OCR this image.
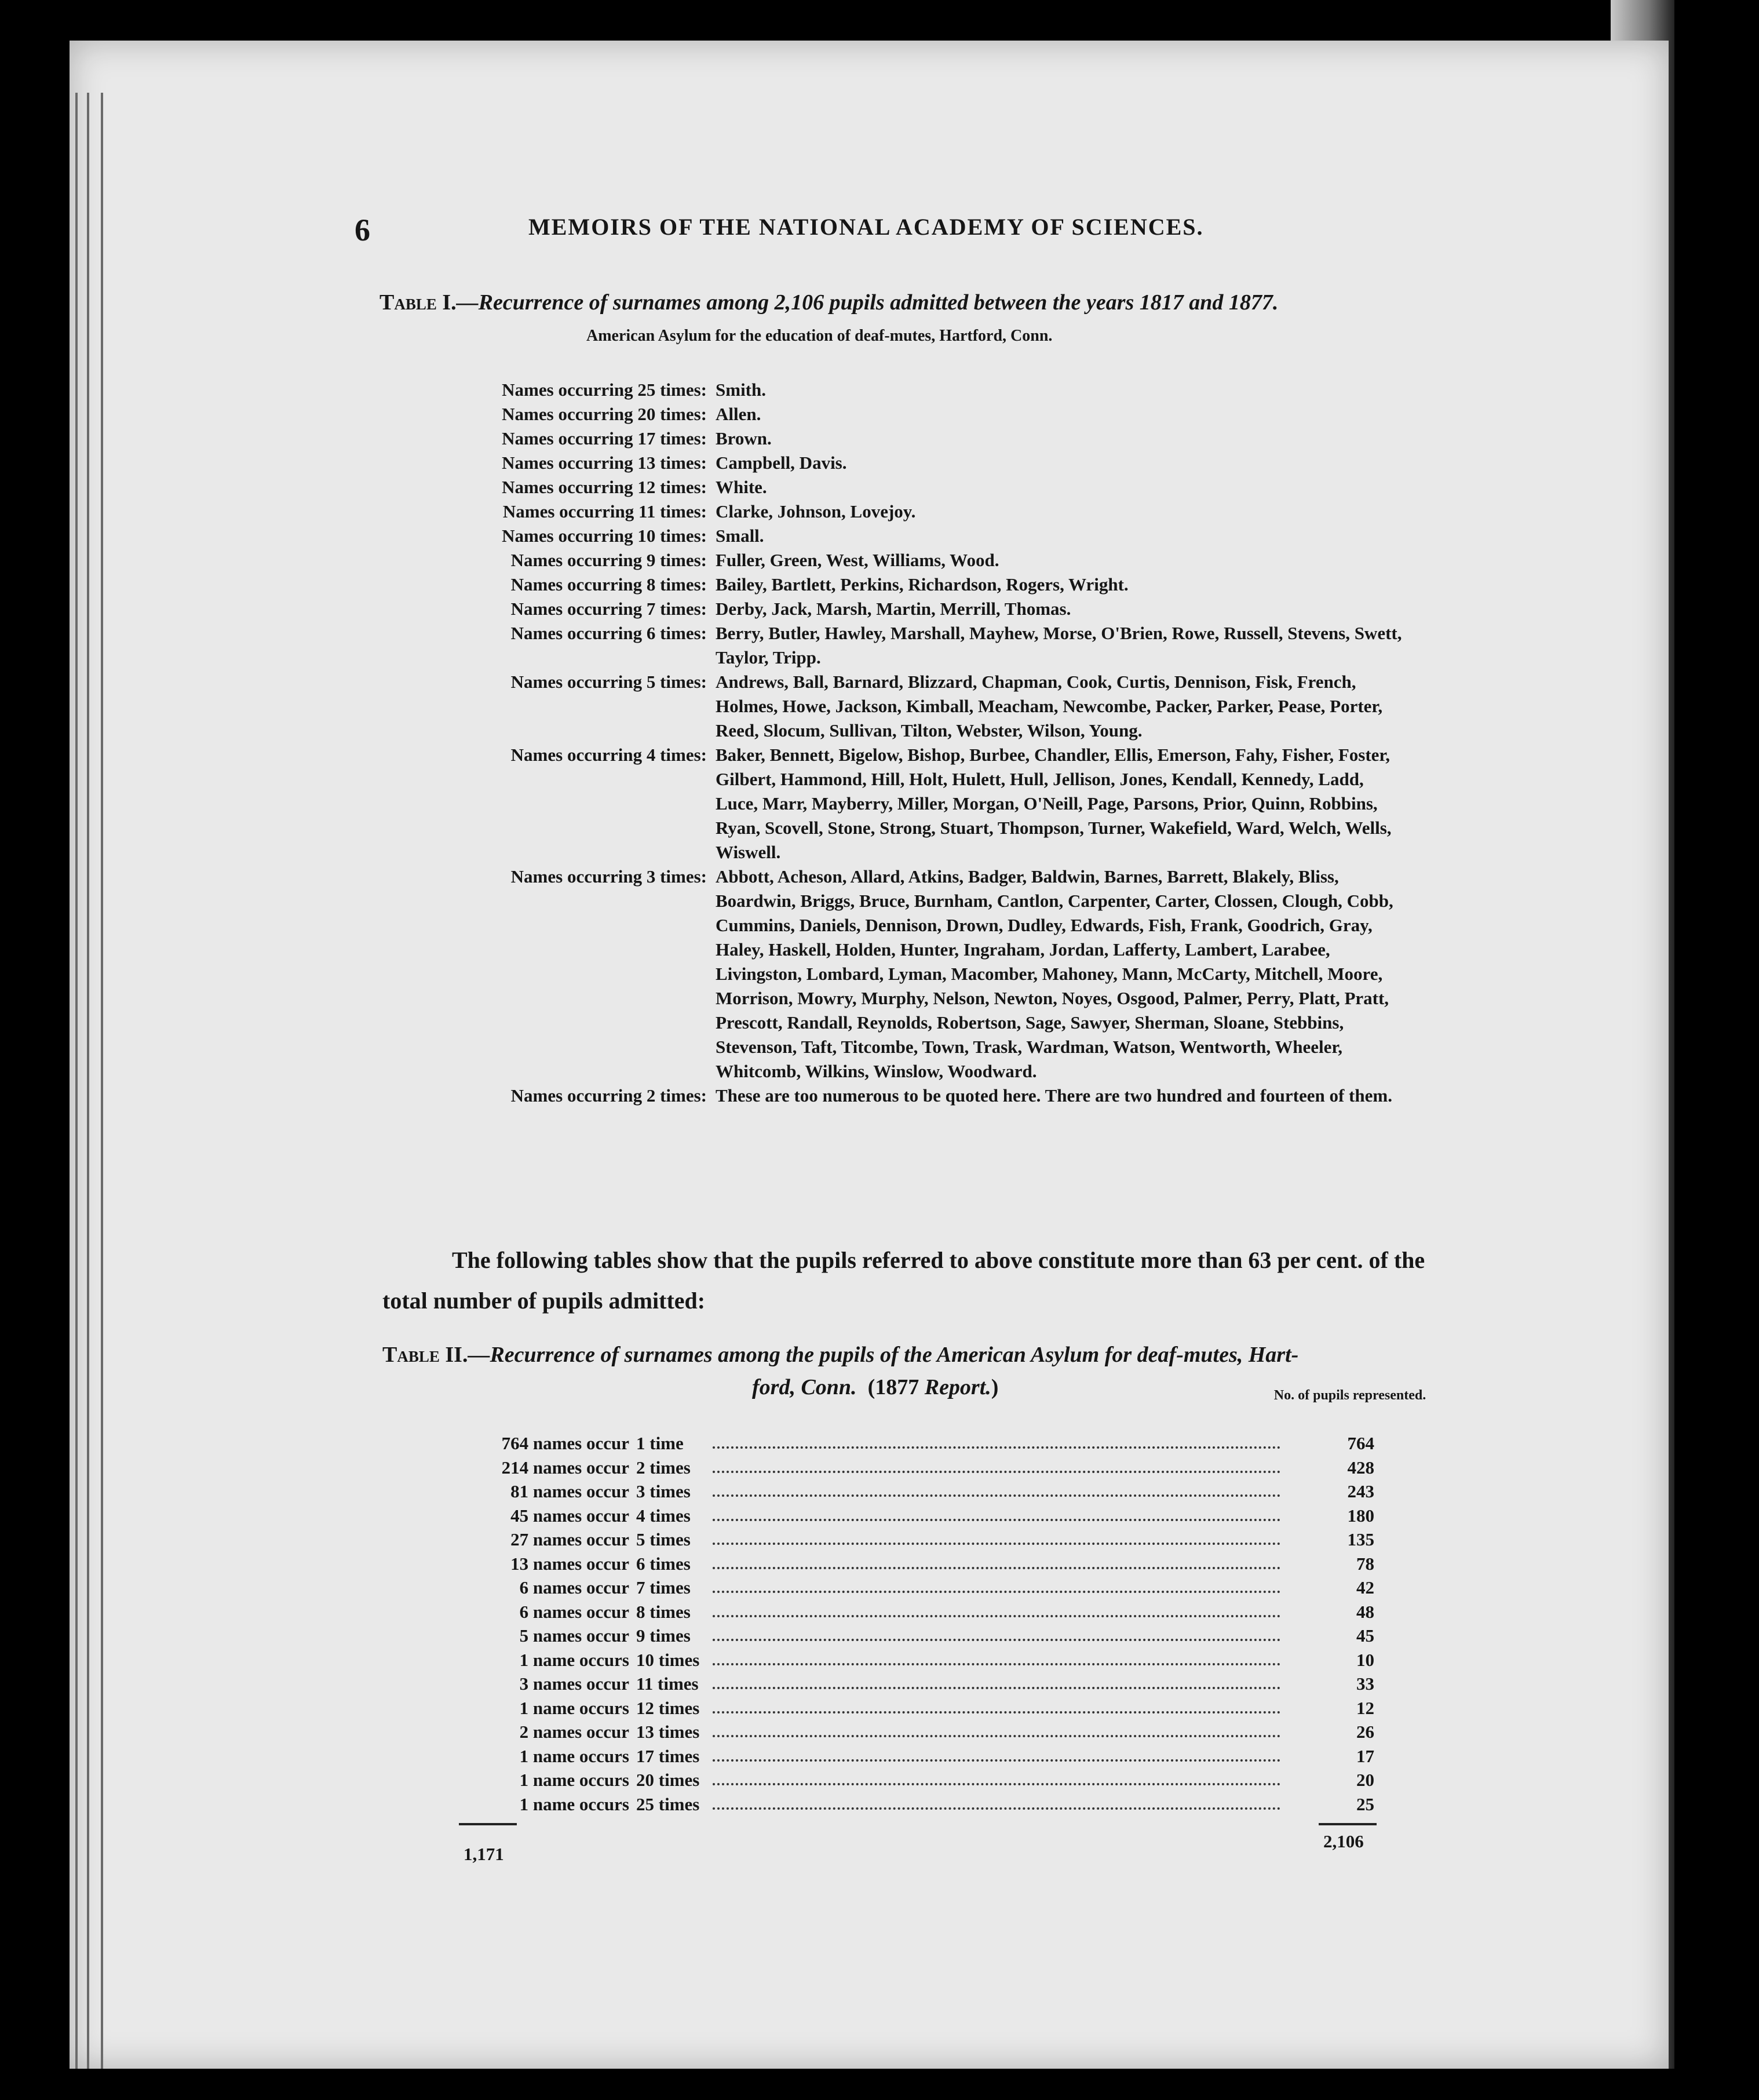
6	MEMOIRS OF THE NATIONAL ACADEMY OF SCIENCES.
Table I.—Recurrence of surnames among 2,106 pupils admitted between the years 1817 and 1877.
American Asylum for the education of deaf-mutes, Hartford, Conn.
Names occurring 25 times: Smith.
Names occurring 20 times: Allen.
Names occurring 17 times: Brown.
Names occurring 13 times: Campbell, Davis.
Names occurring 12 times: White.
Names occurring 11 times: Clarke, Johnson, Lovejoy.
Names occurring 10 times: Small.
Names occurring 9 times: Fuller, Green, West, Williams, Wood.
Names occurring 8 times: Bailey, Bartlett, Perkins, Richardson, Rogers, Wright.
Names occurring 7 times: Derby, Jack, Marsh, Martin, Merrill, Thomas.
Names occurring 6 times: Berry, Butler, Hawley, Marshall, Mayhew, Morse, O'Brien, Rowe, Russell, Stevens, Swett, Taylor, Tripp.
Names occurring 5 times: Andrews, Ball, Barnard, Blizzard, Chapman, Cook, Curtis, Dennison, Fisk, French, Holmes, Howe, Jackson, Kimball, Meacham, Newcombe, Packer, Parker, Pease, Porter, Reed, Slocum, Sullivan, Tilton, Webster, Wilson, Young.
Names occurring 4 times: Baker, Bennett, Bigelow, Bishop, Burbee, Chandler, Ellis, Emerson, Fahy, Fisher, Foster, Gilbert, Hammond, Hill, Holt, Hulett, Hull, Jellison, Jones, Kendall, Kennedy, Ladd, Luce, Marr, Mayberry, Miller, Morgan, O'Neill, Page, Parsons, Prior, Quinn, Robbins, Ryan, Scovell, Stone, Strong, Stuart, Thompson, Turner, Wakefield, Ward, Welch, Wells, Wiswell.
Names occurring 3 times: Abbott, Acheson, Allard, Atkins, Badger, Baldwin, Barnes, Barrett, Blakely, Bliss, Boardwin, Briggs, Bruce, Burnham, Cantlon, Carpenter, Carter, Clossen, Clough, Cobb, Cummins, Daniels, Dennison, Drown, Dudley, Edwards, Fish, Frank, Goodrich, Gray, Haley, Haskell, Holden, Hunter, Ingraham, Jordan, Lafferty, Lambert, Larabee, Livingston, Lombard, Lyman, Macomber, Mahoney, Mann, McCarty, Mitchell, Moore, Morrison, Mowry, Murphy, Nelson, Newton, Noyes, Osgood, Palmer, Perry, Platt, Pratt, Prescott, Randall, Reynolds, Robertson, Sage, Sawyer, Sherman, Sloane, Stebbins, Stevenson, Taft, Titcombe, Town, Trask, Wardman, Watson, Wentworth, Wheeler, Whitcomb, Wilkins, Winslow, Woodward.
Names occurring 2 times: These are too numerous to be quoted here. There are two hundred and fourteen of them.
The following tables show that the pupils referred to above constitute more than 63 per cent. of the total number of pupils admitted:
Table II.—Recurrence of surnames among the pupils of the American Asylum for deaf-mutes, Hart-
ford, Conn. (1877 Report.)	No. of pupils represented.
764 names occur 1 time	764
214 names occur 2 times	428
81 names occur 3 times	243
45 names occur 4 times	180
27 names occur 5 times	135
13 names occur 6 times	78
6 names occur 7 times	42
6 names occur 8 times	48
5 names occur 9 times	45
1 name occurs 10 times	10
3 names occur 11 times	33
1 name occurs 12 times	12
2 names occur 13 times	26
1 name occurs 17 times	17
1 name occurs 20 times	20
1 name occurs 25 times	25
1,171
2,106
